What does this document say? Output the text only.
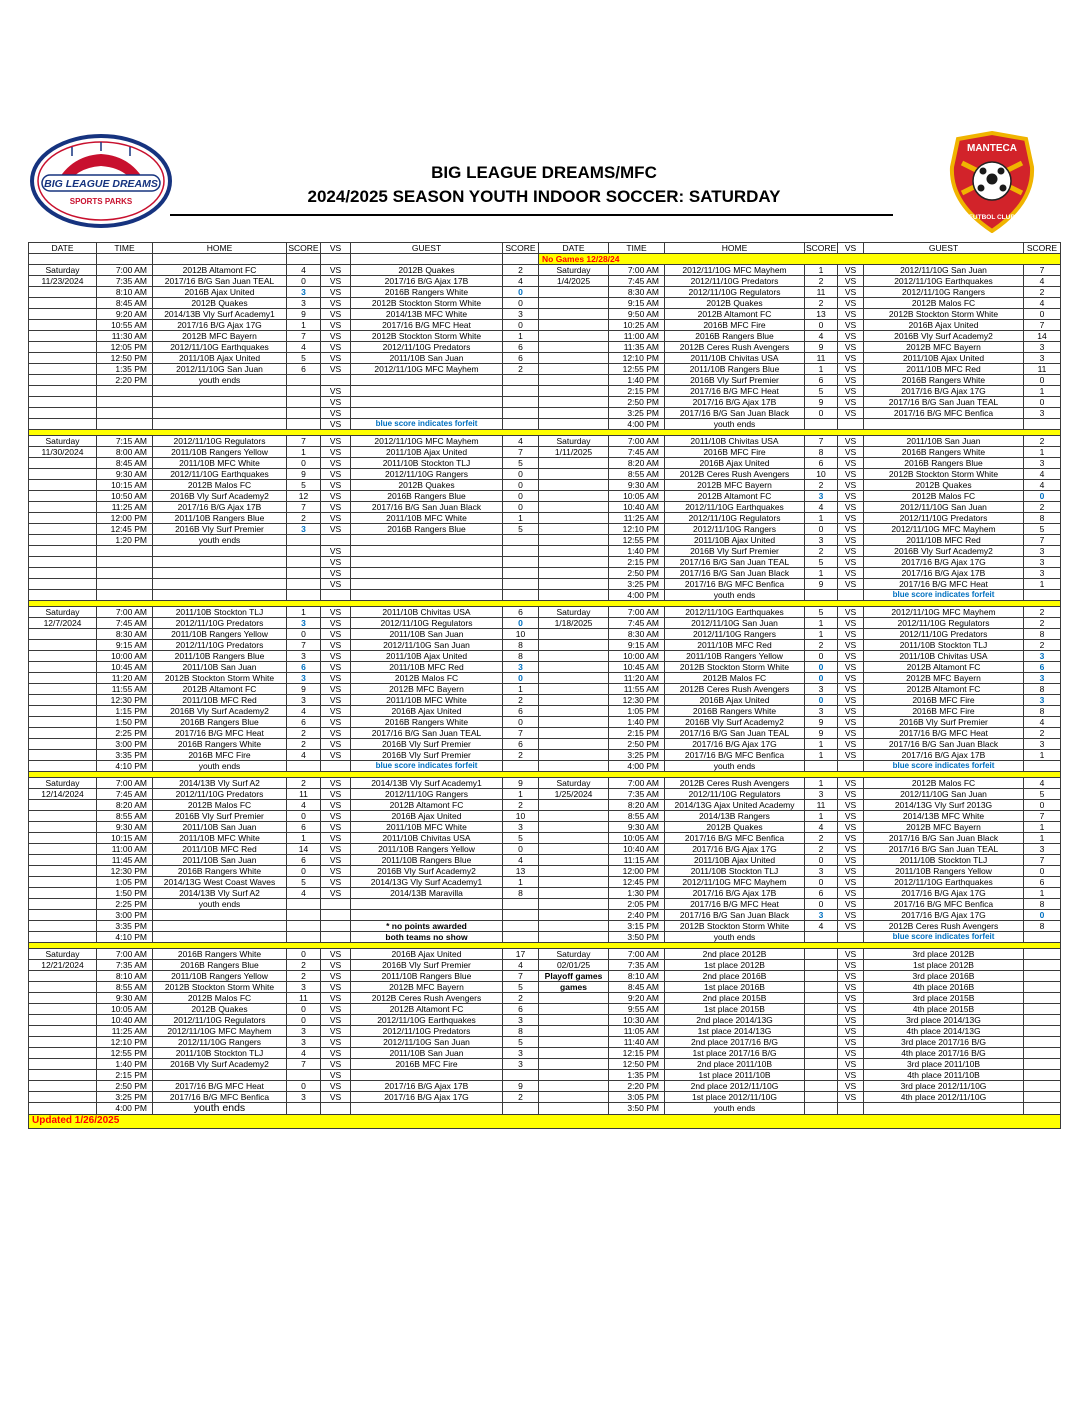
BIG LEAGUE DREAMS
SPORTS PARKS
BIG LEAGUE DREAMS/MFC
2024/2025 SEASON YOUTH INDOOR SOCCER: SATURDAY
MANTECA
FUTBOL CLUB
DATE	TIME	HOME	SCORE	VS	GUEST	SCORE	DATE	TIME	HOME	SCORE	VS	GUEST	SCORE
							No Games 12/28/24						
Saturday	7:00 AM	2012B Altamont FC	4	VS	2012B Quakes	2	Saturday	7:00 AM	2012/11/10G MFC Mayhem	1	VS	2012/11/10G San Juan	7
11/23/2024	7:35 AM	2017/16 B/G San Juan TEAL	0	VS	2017/16 B/G Ajax 17B	4	1/4/2025	7:45 AM	2012/11/10G Predators	2	VS	2012/11/10G Earthquakes	4
	8:10 AM	2016B Ajax United	3	VS	2016B Rangers White	0		8:30 AM	2012/11/10G Regulators	11	VS	2012/11/10G Rangers	2
	8:45 AM	2012B Quakes	3	VS	2012B Stockton Storm White	0		9:15 AM	2012B Quakes	2	VS	2012B Malos FC	4
	9:20 AM	2014/13B Vly Surf Academy1	9	VS	2014/13B MFC White	3		9:50 AM	2012B Altamont FC	13	VS	2012B Stockton Storm White	0
	10:55 AM	2017/16 B/G Ajax 17G	1	VS	2017/16 B/G MFC Heat	0		10:25 AM	2016B MFC Fire	0	VS	2016B Ajax United	7
	11:30 AM	2012B MFC Bayern	7	VS	2012B Stockton Storm White	1		11:00 AM	2016B Rangers Blue	4	VS	2016B Vly Surf Academy2	14
	12:05 PM	2012/11/10G Earthquakes	4	VS	2012/11/10G Predators	6		11:35 AM	2012B Ceres Rush Avengers	9	VS	2012B MFC Bayern	3
	12:50 PM	2011/10B Ajax United	5	VS	2011/10B San Juan	6		12:10 PM	2011/10B Chivitas USA	11	VS	2011/10B Ajax United	3
	1:35 PM	2012/11/10G San Juan	6	VS	2012/11/10G MFC Mayhem	2		12:55 PM	2011/10B Rangers Blue	1	VS	2011/10B MFC Red	11
	2:20 PM	youth ends						1:40 PM	2016B Vly Surf Premier	6	VS	2016B Rangers White	0
				VS				2:15 PM	2017/16 B/G MFC Heat	5	VS	2017/16 B/G Ajax 17G	1
				VS				2:50 PM	2017/16 B/G Ajax 17B	9	VS	2017/16 B/G San Juan TEAL	0
				VS				3:25 PM	2017/16 B/G San Juan Black	0	VS	2017/16 B/G MFC Benfica	3
				VS	blue score indicates forfeit			4:00 PM	youth ends				

Saturday	7:15 AM	2012/11/10G Regulators	7	VS	2012/11/10G MFC Mayhem	4	Saturday	7:00 AM	2011/10B Chivitas USA	7	VS	2011/10B San Juan	2
11/30/2024	8:00 AM	2011/10B Rangers Yellow	1	VS	2011/10B Ajax United	7	1/11/2025	7:45 AM	2016B MFC Fire	8	VS	2016B Rangers White	1
	8:45 AM	2011/10B MFC White	0	VS	2011/10B Stockton TLJ	5		8:20 AM	2016B Ajax United	6	VS	2016B Rangers Blue	3
	9:30 AM	2012/11/10G Earthquakes	9	VS	2012/11/10G Rangers	0		8:55 AM	2012B Ceres Rush Avengers	10	VS	2012B Stockton Storm White	4
	10:15 AM	2012B Malos FC	5	VS	2012B Quakes	0		9:30 AM	2012B MFC Bayern	2	VS	2012B Quakes	4
	10:50 AM	2016B Vly Surf Academy2	12	VS	2016B Rangers Blue	0		10:05 AM	2012B Altamont FC	3	VS	2012B Malos FC	0
	11:25 AM	2017/16 B/G Ajax 17B	7	VS	2017/16 B/G San Juan Black	0		10:40 AM	2012/11/10G Earthquakes	4	VS	2012/11/10G San Juan	2
	12:00 PM	2011/10B Rangers Blue	2	VS	2011/10B MFC White	1		11:25 AM	2012/11/10G Regulators	1	VS	2012/11/10G Predators	8
	12:45 PM	2016B Vly Surf Premier	3	VS	2016B Rangers Blue	5		12:10 PM	2012/11/10G Rangers	0	VS	2012/11/10G MFC Mayhem	5
	1:20 PM	youth ends						12:55 PM	2011/10B Ajax United	3	VS	2011/10B MFC Red	7
				VS				1:40 PM	2016B Vly Surf Premier	2	VS	2016B Vly Surf Academy2	3
				VS				2:15 PM	2017/16 B/G San Juan TEAL	5	VS	2017/16 B/G Ajax 17G	3
				VS				2:50 PM	2017/16 B/G San Juan Black	1	VS	2017/16 B/G Ajax 17B	3
				VS				3:25 PM	2017/16 B/G MFC Benfica	9	VS	2017/16 B/G MFC Heat	1
								4:00 PM	youth ends			blue score indicates forfeit	

Saturday	7:00 AM	2011/10B Stockton TLJ	1	VS	2011/10B Chivitas USA	6	Saturday	7:00 AM	2012/11/10G Earthquakes	5	VS	2012/11/10G MFC Mayhem	2
12/7/2024	7:45 AM	2012/11/10G Predators	3	VS	2012/11/10G Regulators	0	1/18/2025	7:45 AM	2012/11/10G San Juan	1	VS	2012/11/10G Regulators	2
	8:30 AM	2011/10B Rangers Yellow	0	VS	2011/10B San Juan	10		8:30 AM	2012/11/10G Rangers	1	VS	2012/11/10G Predators	8
	9:15 AM	2012/11/10G Predators	7	VS	2012/11/10G San Juan	8		9:15 AM	2011/10B MFC Red	2	VS	2011/10B Stockton TLJ	2
	10:00 AM	2011/10B Rangers Blue	3	VS	2011/10B Ajax United	8		10:00 AM	2011/10B Rangers Yellow	0	VS	2011/10B Chivitas USA	3
	10:45 AM	2011/10B San Juan	6	VS	2011/10B MFC Red	3		10:45 AM	2012B Stockton Storm White	0	VS	2012B Altamont FC	6
	11:20 AM	2012B Stockton Storm White	3	VS	2012B Malos FC	0		11:20 AM	2012B Malos FC	0	VS	2012B MFC Bayern	3
	11:55 AM	2012B Altamont FC	9	VS	2012B MFC Bayern	1		11:55 AM	2012B Ceres Rush Avengers	3	VS	2012B Altamont FC	8
	12:30 PM	2011/10B MFC Red	3	VS	2011/10B MFC White	2		12:30 PM	2016B Ajax United	0	VS	2016B MFC Fire	3
	1:15 PM	2016B Vly Surf Academy2	4	VS	2016B Ajax United	6		1:05 PM	2016B Rangers White	3	VS	2016B MFC Fire	8
	1:50 PM	2016B Rangers Blue	6	VS	2016B Rangers White	0		1:40 PM	2016B Vly Surf Academy2	9	VS	2016B Vly Surf Premier	4
	2:25 PM	2017/16 B/G MFC Heat	2	VS	2017/16 B/G San Juan TEAL	7		2:15 PM	2017/16 B/G San Juan TEAL	9	VS	2017/16 B/G MFC Heat	2
	3:00 PM	2016B Rangers White	2	VS	2016B Vly Surf Premier	6		2:50 PM	2017/16 B/G Ajax 17G	1	VS	2017/16 B/G San Juan Black	3
	3:35 PM	2016B MFC Fire	4	VS	2016B Vly Surf Premier	2		3:25 PM	2017/16 B/G MFC Benfica	1	VS	2017/16 B/G Ajax 17B	1
	4:10 PM	youth ends			blue score indicates forfeit			4:00 PM	youth ends			blue score indicates forfeit	

Saturday	7:00 AM	2014/13B Vly Surf A2	2	VS	2014/13B Vly Surf Academy1	9	Saturday	7:00 AM	2012B Ceres Rush Avengers	1	VS	2012B Malos FC	4
12/14/2024	7:45 AM	2012/11/10G Predators	11	VS	2012/11/10G Rangers	1	1/25/2024	7:35 AM	2012/11/10G Regulators	3	VS	2012/11/10G San Juan	5
	8:20 AM	2012B Malos FC	4	VS	2012B Altamont FC	2		8:20 AM	2014/13G Ajax United Academy	11	VS	2014/13G Vly Surf 2013G	0
	8:55 AM	2016B Vly Surf Premier	0	VS	2016B Ajax United	10		8:55 AM	2014/13B Rangers	1	VS	2014/13B MFC White	7
	9:30 AM	2011/10B San Juan	6	VS	2011/10B MFC White	3		9:30 AM	2012B Quakes	4	VS	2012B MFC Bayern	1
	10:15 AM	2011/10B MFC White	1	VS	2011/10B Chivitas USA	5		10:05 AM	2017/16 B/G MFC Benfica	2	VS	2017/16 B/G San Juan Black	1
	11:00 AM	2011/10B MFC Red	14	VS	2011/10B Rangers Yellow	0		10:40 AM	2017/16 B/G Ajax 17G	2	VS	2017/16 B/G San Juan TEAL	3
	11:45 AM	2011/10B San Juan	6	VS	2011/10B Rangers Blue	4		11:15 AM	2011/10B Ajax United	0	VS	2011/10B Stockton TLJ	7
	12:30 PM	2016B Rangers White	0	VS	2016B Vly Surf Academy2	13		12:00 PM	2011/10B Stockton TLJ	3	VS	2011/10B Rangers Yellow	0
	1:05 PM	2014/13G West Coast Waves	5	VS	2014/13G Vly Surf Academy1	1		12:45 PM	2012/11/10G MFC Mayhem	0	VS	2012/11/10G Earthquakes	6
	1:50 PM	2014/13B Vly Surf A2	4	VS	2014/13B Maravilla	8		1:30 PM	2017/16 B/G Ajax 17B	6	VS	2017/16 B/G Ajax 17G	1
	2:25 PM	youth ends						2:05 PM	2017/16 B/G MFC Heat	0	VS	2017/16 B/G MFC Benfica	8
	3:00 PM							2:40 PM	2017/16 B/G San Juan Black	3	VS	2017/16 B/G Ajax 17G	0
	3:35 PM				* no points awarded			3:15 PM	2012B Stockton Storm White	4	VS	2012B Ceres Rush Avengers	8
	4:10 PM				both teams no show			3:50 PM	youth ends			blue score indicates forfeit	

Saturday	7:00 AM	2016B Rangers White	0	VS	2016B Ajax United	17	Saturday	7:00 AM	2nd place 2012B		VS	3rd place 2012B	
12/21/2024	7:35 AM	2016B Rangers Blue	2	VS	2016B Vly Surf Premier	4	02/01/25	7:35 AM	1st place 2012B		VS	1st place 2012B	
	8:10 AM	2011/10B Rangers Yellow	2	VS	2011/10B Rangers Blue	7	Playoff games	8:10 AM	2nd place 2016B		VS	3rd place 2016B	
	8:55 AM	2012B Stockton Storm White	3	VS	2012B MFC Bayern	5	games	8:45 AM	1st place 2016B		VS	4th place 2016B	
	9:30 AM	2012B Malos FC	11	VS	2012B Ceres Rush Avengers	2		9:20 AM	2nd place 2015B		VS	3rd place 2015B	
	10:05 AM	2012B Quakes	0	VS	2012B Altamont FC	6		9:55 AM	1st place 2015B		VS	4th place 2015B	
	10:40 AM	2012/11/10G Regulators	0	VS	2012/11/10G Earthquakes	3		10:30 AM	2nd place 2014/13G		VS	3rd place 2014/13G	
	11:25 AM	2012/11/10G MFC Mayhem	3	VS	2012/11/10G Predators	8		11:05 AM	1st place 2014/13G		VS	4th place 2014/13G	
	12:10 PM	2012/11/10G Rangers	3	VS	2012/11/10G San Juan	5		11:40 AM	2nd place 2017/16 B/G		VS	3rd place 2017/16 B/G	
	12:55 PM	2011/10B Stockton TLJ	4	VS	2011/10B San Juan	3		12:15 PM	1st place 2017/16 B/G		VS	4th place 2017/16 B/G	
	1:40 PM	2016B Vly Surf Academy2	7	VS	2016B MFC Fire	3		12:50 PM	2nd place 2011/10B		VS	3rd place 2011/10B	
	2:15 PM			VS				1:35 PM	1st place 2011/10B		VS	4th place 2011/10B	
	2:50 PM	2017/16 B/G MFC Heat	0	VS	2017/16 B/G Ajax 17B	9		2:20 PM	2nd place 2012/11/10G		VS	3rd place 2012/11/10G	
	3:25 PM	2017/16 B/G MFC Benfica	3	VS	2017/16 B/G Ajax 17G	2		3:05 PM	1st place 2012/11/10G		VS	4th place 2012/11/10G	
	4:00 PM	youth ends						3:50 PM	youth ends				
Updated 1/26/2025													
